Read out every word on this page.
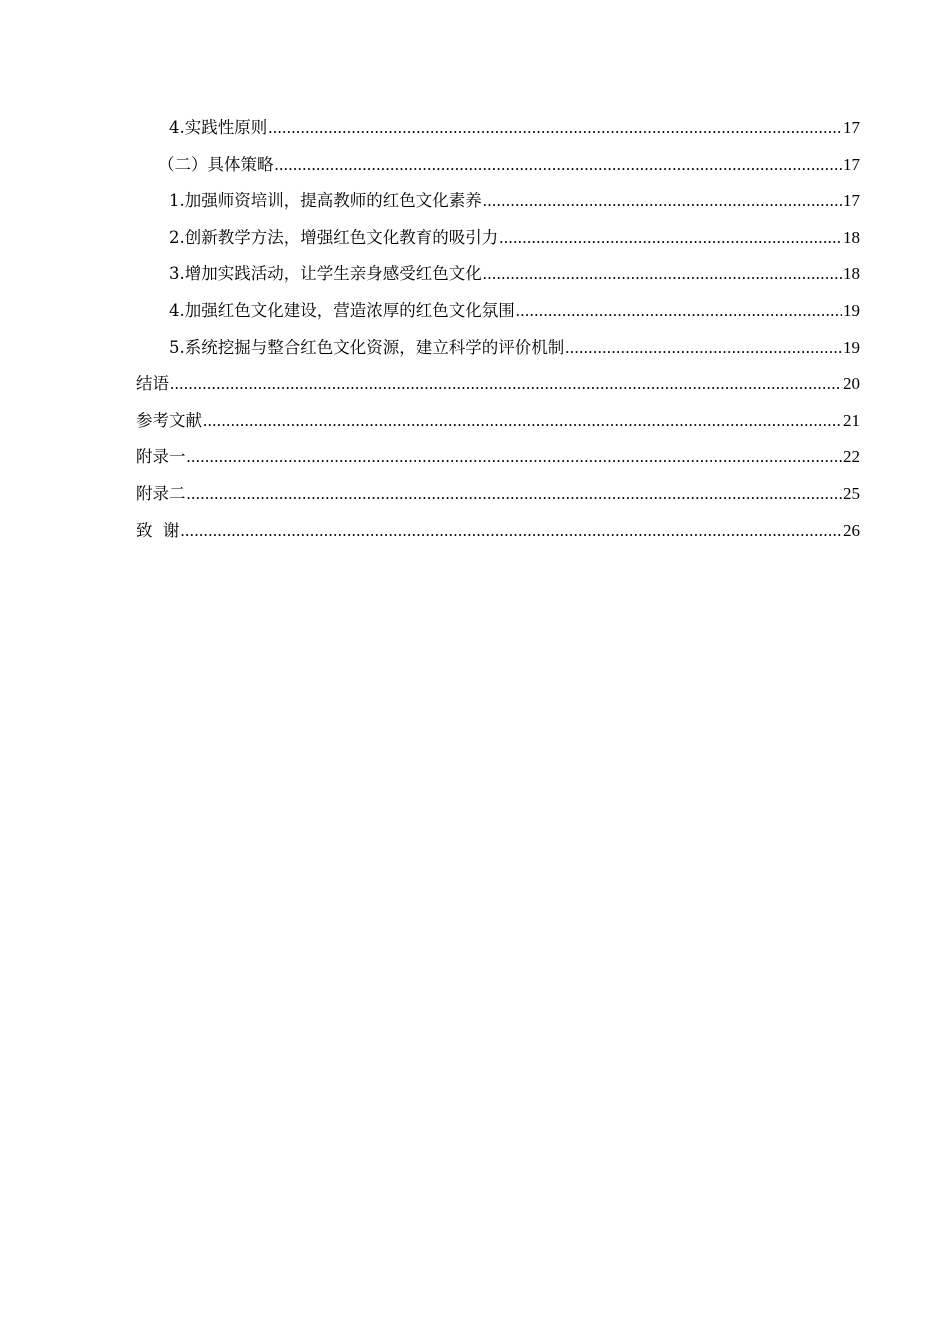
4.实践性原则 .....	17
（二）具体策略 .....	17
1.加强师资培训，提高教师的红色文化素养 .....	17
2.创新教学方法，增强红色文化教育的吸引力 .....	18
3.增加实践活动，让学生亲身感受红色文化 .....	18
4.加强红色文化建设，营造浓厚的红色文化氛围 .....	19
5.系统挖掘与整合红色文化资源，建立科学的评价机制 .....	19
结语 .....	20
参考文献 .....	21
附录一 .....	22
附录二 .....	25
致  谢 .....	26
